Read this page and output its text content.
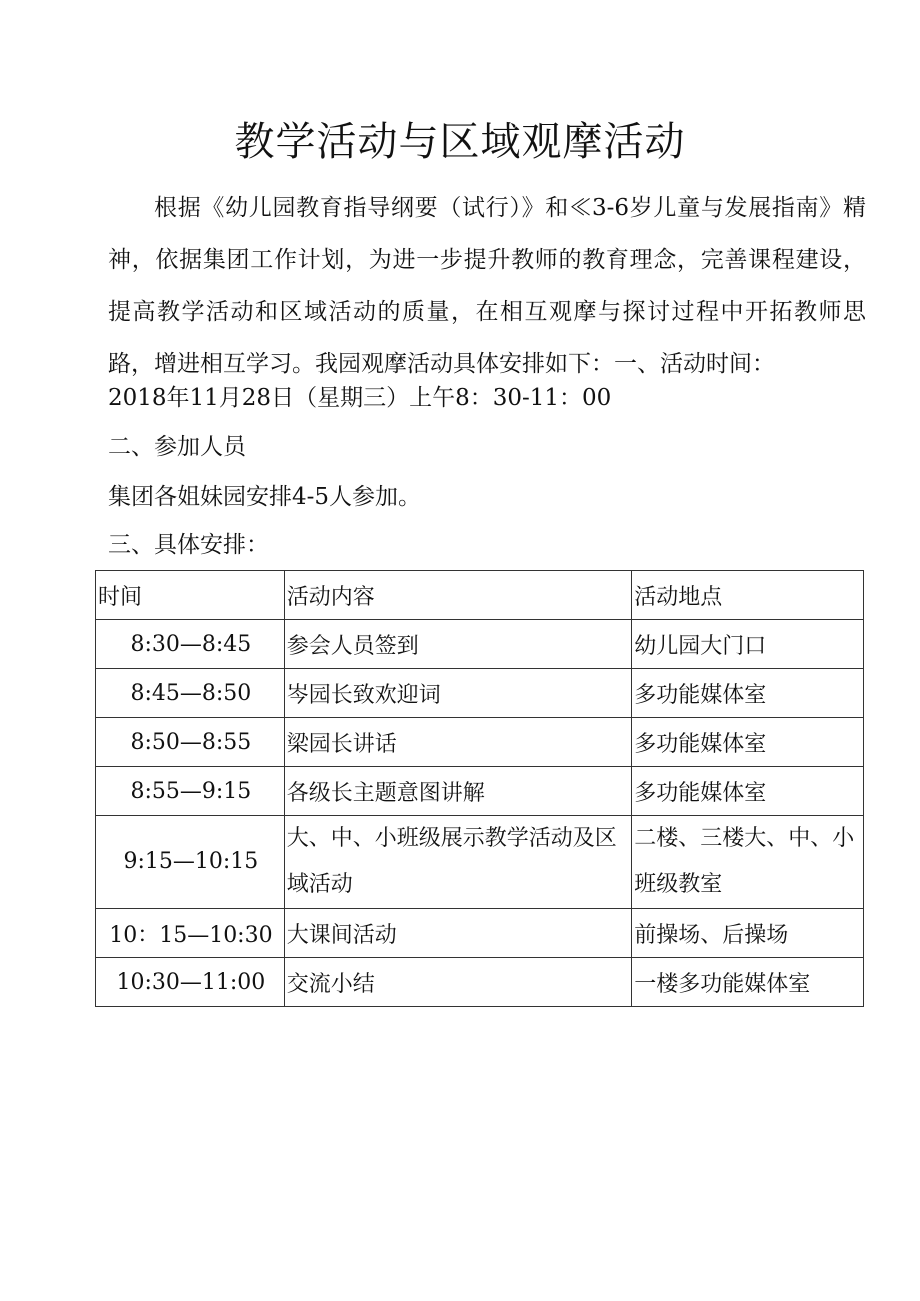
教学活动与区域观摩活动

根据《幼儿园教育指导纲要（试行）》和≪3-6岁儿童与发展指南》精神，依据集团工作计划，为进一步提升教师的教育理念，完善课程建设，提高教学活动和区域活动的质量，在相互观摩与探讨过程中开拓教师思路，增进相互学习。我园观摩活动具体安排如下：一、活动时间：

2018年11月28日（星期三）上午8：30-11：00

二、参加人员

集团各姐妹园安排4-5人参加。

三、具体安排：

时间	活动内容	活动地点
8:30—8:45	参会人员签到	幼儿园大门口
8:45—8:50	岑园长致欢迎词	多功能媒体室
8:50—8:55	梁园长讲话	多功能媒体室
8:55—9:15	各级长主题意图讲解	多功能媒体室
9:15—10:15	大、中、小班级展示教学活动及区域活动	二楼、三楼大、中、小班级教室
10：15—10:30	大课间活动	前操场、后操场
10:30—11:00	交流小结	一楼多功能媒体室
